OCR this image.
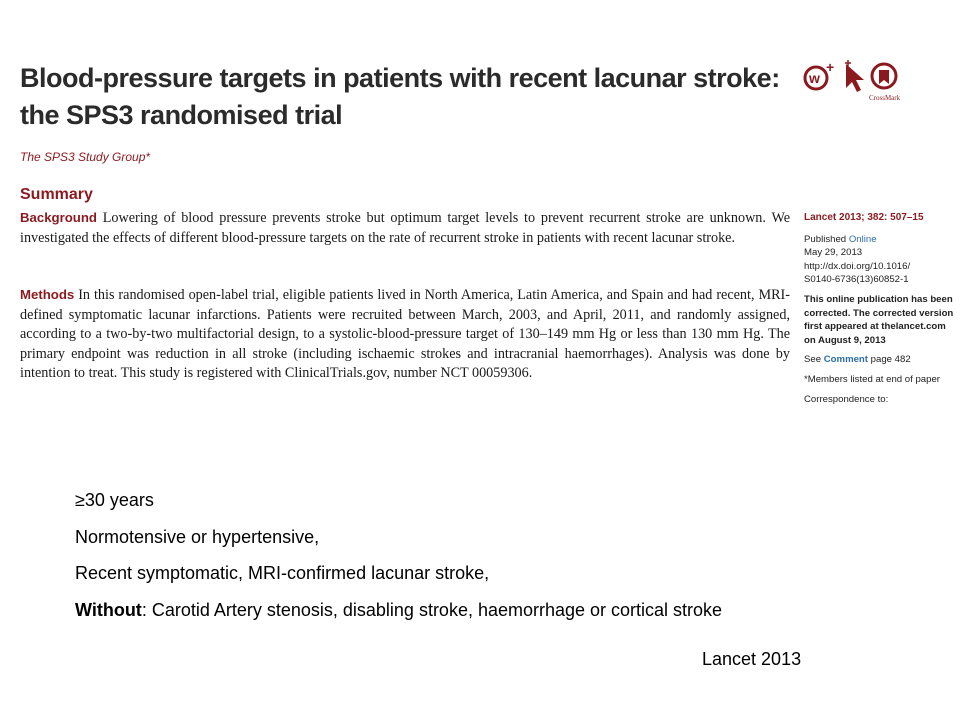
Blood-pressure targets in patients with recent lacunar stroke:
the SPS3 randomised trial
w
+
CrossMark
The SPS3 Study Group*
Summary

Background Lowering of blood pressure prevents stroke but optimum target levels to prevent recurrent stroke are unknown. We investigated the effects of different blood-pressure targets on the rate of recurrent stroke in patients with recent lacunar stroke.

Methods In this randomised open-label trial, eligible patients lived in North America, Latin America, and Spain and had recent, MRI-defined symptomatic lacunar infarctions. Patients were recruited between March, 2003, and April, 2011, and randomly assigned, according to a two-by-two multifactorial design, to a systolic-blood-pressure target of 130–149 mm Hg or less than 130 mm Hg. The primary endpoint was reduction in all stroke (including ischaemic strokes and intracranial haemorrhages). Analysis was done by intention to treat. This study is registered with ClinicalTrials.gov, number NCT 00059306.

Lancet 2013; 382: 507–15
Published Online
May 29, 2013
http://dx.doi.org/10.1016/
S0140-6736(13)60852-1
This online publication has been
corrected. The corrected version
first appeared at thelancet.com
on August 9, 2013
See Comment page 482
*Members listed at end of paper
Correspondence to:
≥30 years
Normotensive or hypertensive,
Recent symptomatic, MRI-confirmed lacunar stroke,
Without: Carotid Artery stenosis, disabling stroke, haemorrhage or cortical stroke
Lancet 2013
